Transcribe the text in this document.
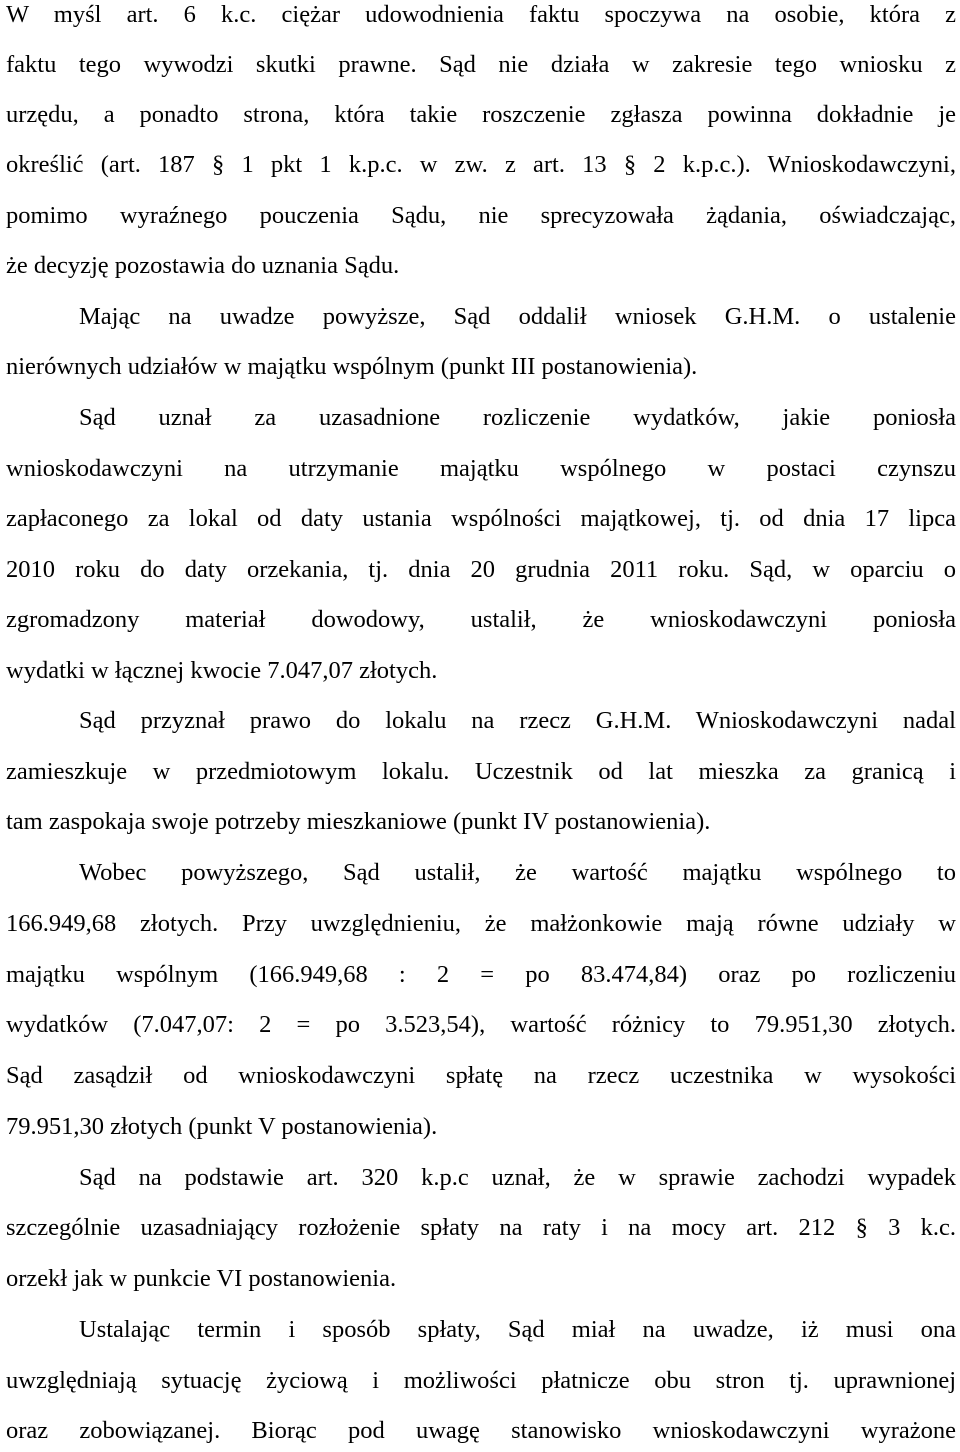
W myśl art. 6 k.c. ciężar udowodnienia faktu spoczywa na osobie, która z
faktu tego wywodzi skutki prawne. Sąd nie działa w zakresie tego wniosku z
urzędu, a ponadto strona, która takie roszczenie zgłasza powinna dokładnie je
określić (art. 187 § 1 pkt 1 k.p.c. w zw. z art. 13 § 2 k.p.c.). Wnioskodawczyni,
pomimo wyraźnego pouczenia Sądu, nie sprecyzowała żądania, oświadczając,
że decyzję pozostawia do uznania Sądu.
Mając na uwadze powyższe, Sąd oddalił wniosek G.H.M. o ustalenie
nierównych udziałów w majątku wspólnym (punkt III postanowienia).
Sąd uznał za uzasadnione rozliczenie wydatków, jakie poniosła
wnioskodawczyni na utrzymanie majątku wspólnego w postaci czynszu
zapłaconego za lokal od daty ustania wspólności majątkowej, tj. od dnia 17 lipca
2010 roku do daty orzekania, tj. dnia 20 grudnia 2011 roku. Sąd, w oparciu o
zgromadzony materiał dowodowy, ustalił, że wnioskodawczyni poniosła
wydatki w łącznej kwocie 7.047,07 złotych.
Sąd przyznał prawo do lokalu na rzecz G.H.M. Wnioskodawczyni nadal
zamieszkuje w przedmiotowym lokalu. Uczestnik od lat mieszka za granicą i
tam zaspokaja swoje potrzeby mieszkaniowe (punkt IV postanowienia).
Wobec powyższego, Sąd ustalił, że wartość majątku wspólnego to
166.949,68 złotych. Przy uwzględnieniu, że małżonkowie mają równe udziały w
majątku wspólnym (166.949,68 : 2 = po 83.474,84) oraz po rozliczeniu
wydatków (7.047,07: 2 = po 3.523,54), wartość różnicy to 79.951,30 złotych.
Sąd zasądził od wnioskodawczyni spłatę na rzecz uczestnika w wysokości
79.951,30 złotych (punkt V postanowienia).
Sąd na podstawie art. 320 k.p.c uznał, że w sprawie zachodzi wypadek
szczególnie uzasadniający rozłożenie spłaty na raty i na mocy art. 212 § 3 k.c.
orzekł jak w punkcie VI postanowienia.
Ustalając termin i sposób spłaty, Sąd miał na uwadze, iż musi ona
uwzględniają sytuację życiową i możliwości płatnicze obu stron tj. uprawnionej
oraz zobowiązanej. Biorąc pod uwagę stanowisko wnioskodawczyni wyrażone
